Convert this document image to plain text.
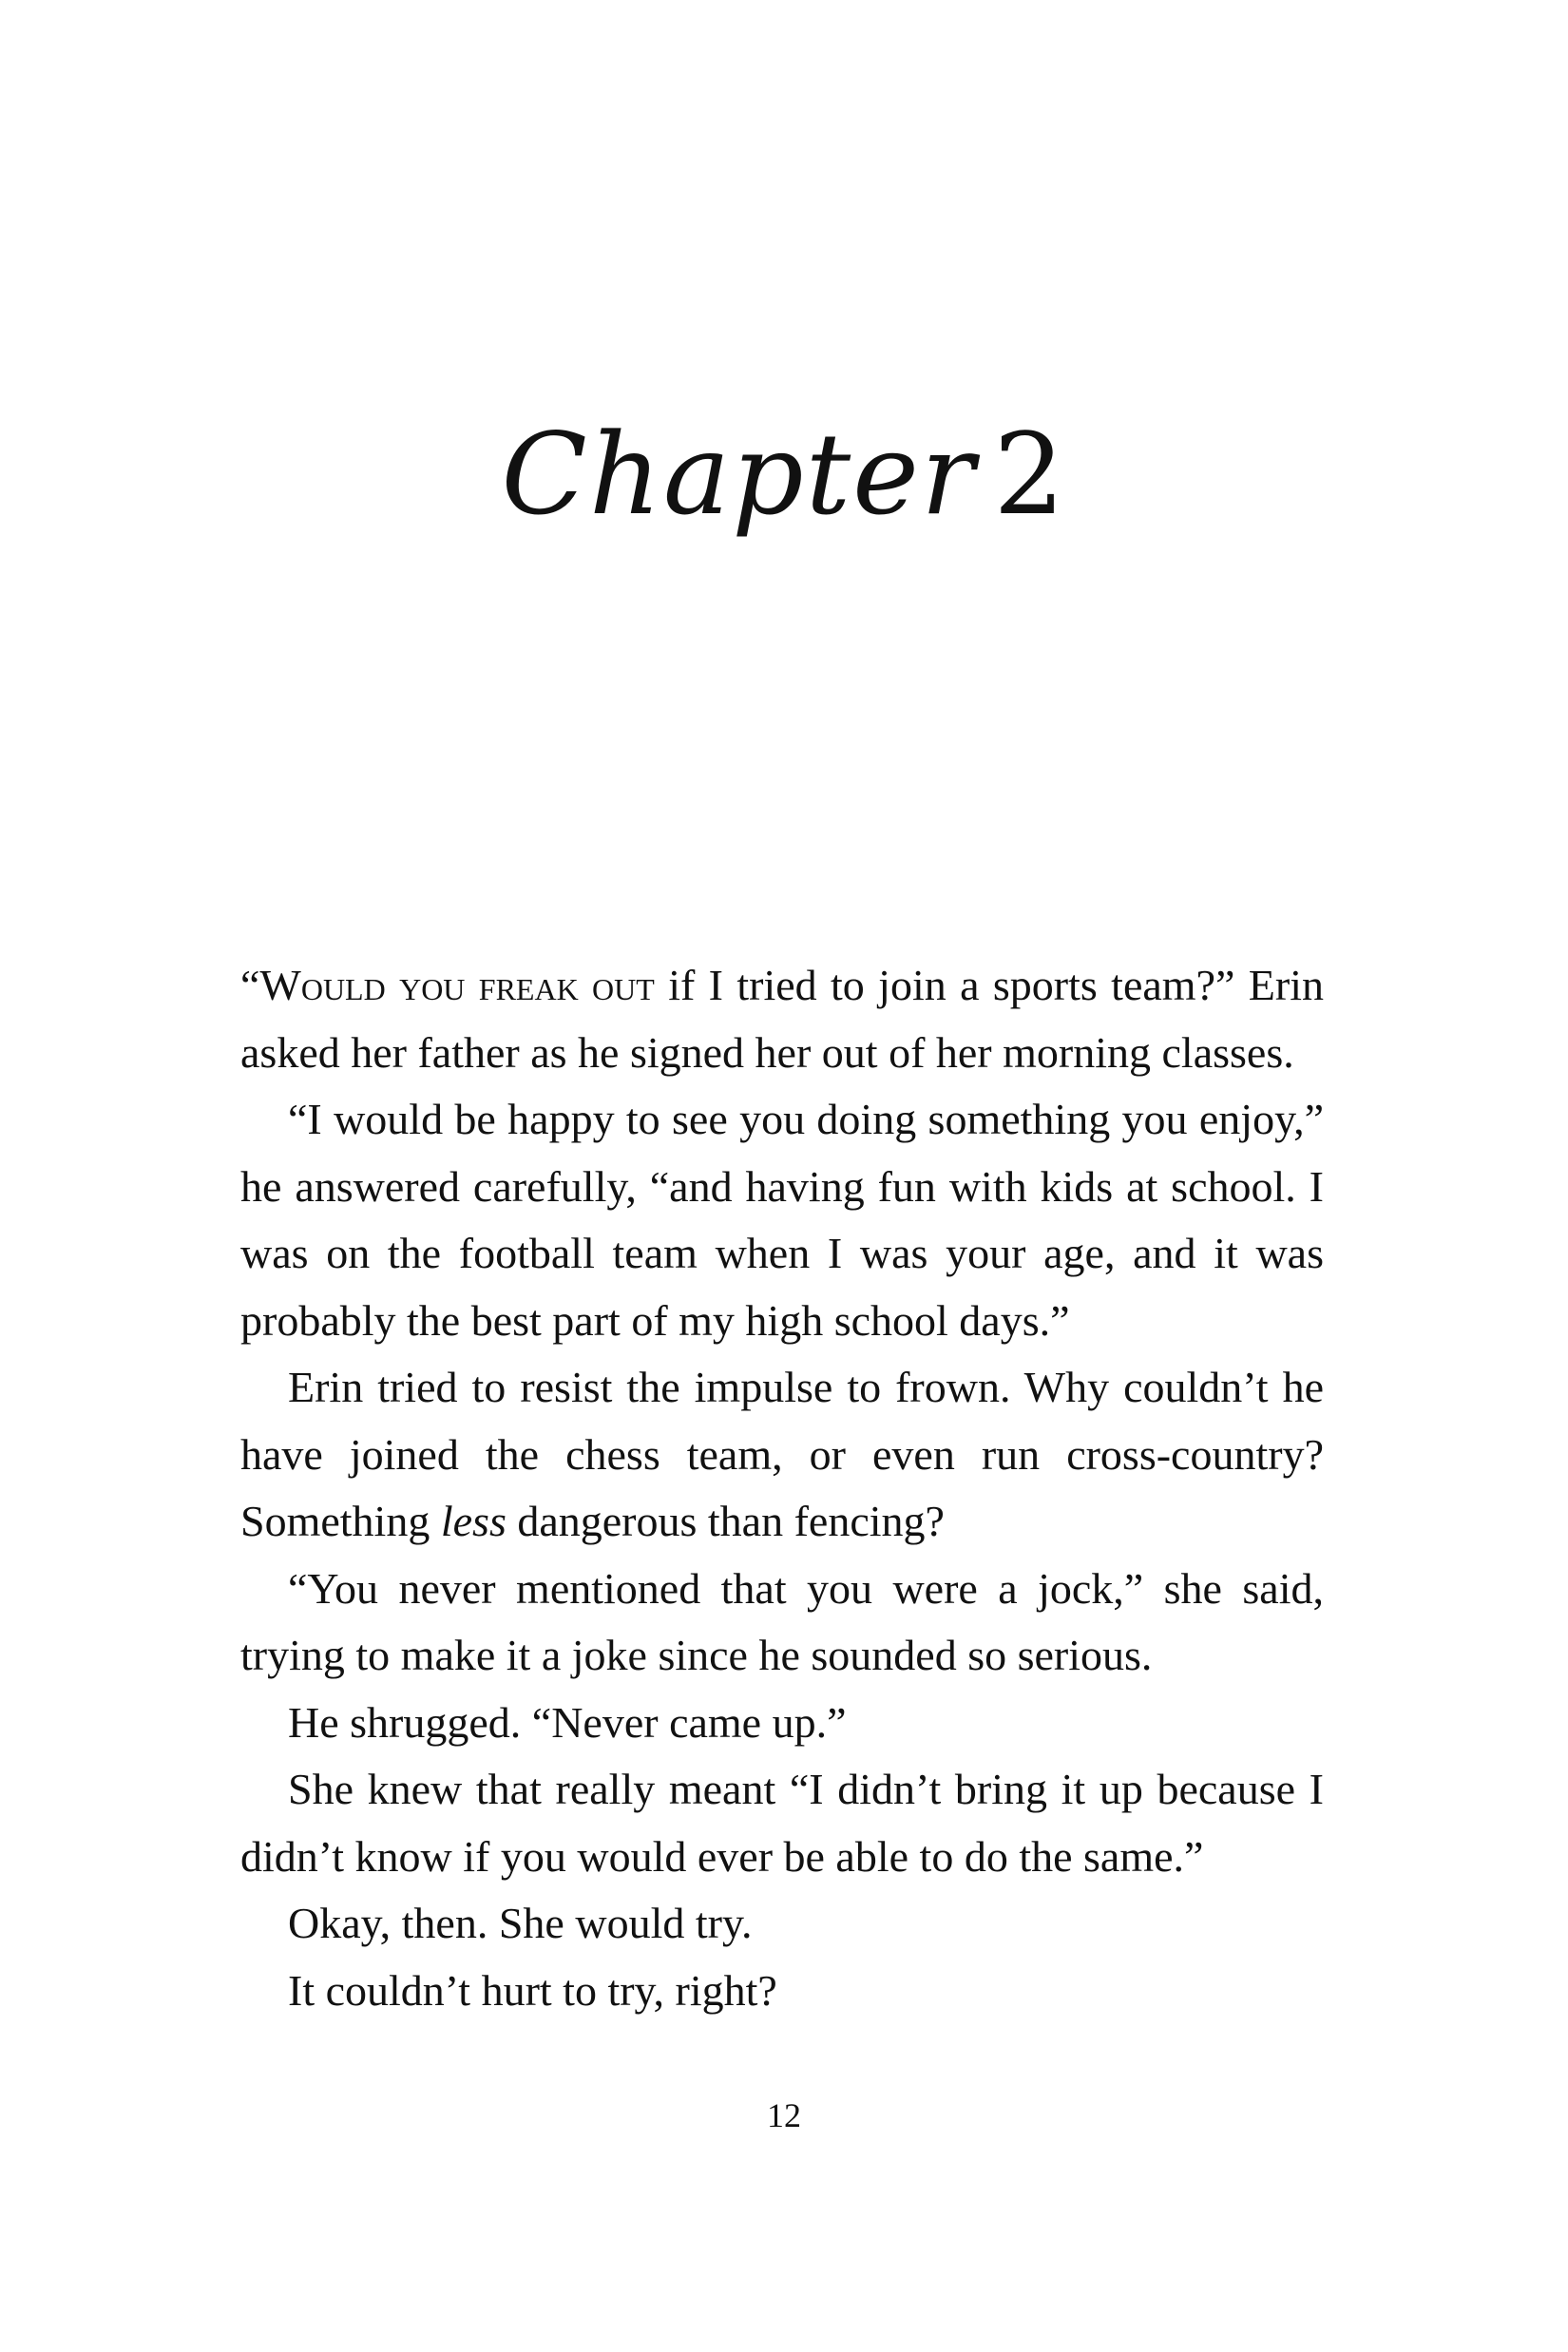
Chapter 2

“Would you freak out if I tried to join a sports team?” Erin asked her father as he signed her out of her morning classes.

“I would be happy to see you doing something you enjoy,” he answered carefully, “and having fun with kids at school. I was on the football team when I was your age, and it was probably the best part of my high school days.”

Erin tried to resist the impulse to frown. Why couldn’t he have joined the chess team, or even run cross-country? Something less dangerous than fencing?

“You never mentioned that you were a jock,” she said, trying to make it a joke since he sounded so serious.

He shrugged. “Never came up.”

She knew that really meant “I didn’t bring it up because I didn’t know if you would ever be able to do the same.”

Okay, then. She would try.

It couldn’t hurt to try, right?

12
